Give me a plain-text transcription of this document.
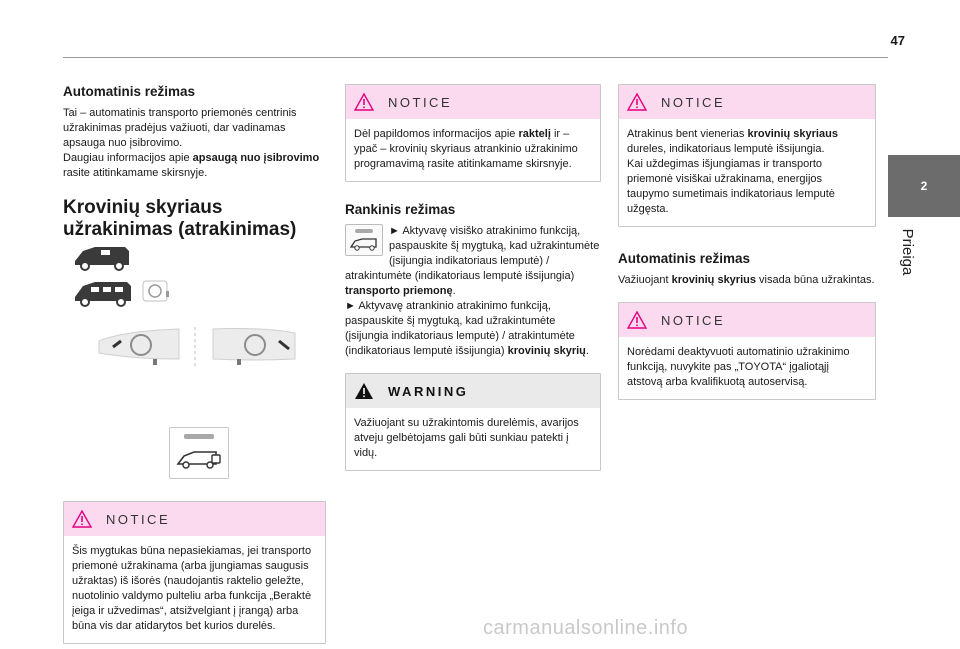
47
2
Prieiga
Automatinis režimas

Tai – automatinis transporto priemonės centrinis užrakinimas pradėjus važiuoti, dar vadinamas apsauga nuo įsibrovimo.

Daugiau informacijos apie apsaugą nuo įsibrovimo rasite atitinkamame skirsnyje.

Krovinių skyriaus užrakinimas (atrakinimas)
NOTICE
Šis mygtukas būna nepasiekiamas, jei transporto priemonė užrakinama (arba įjungiamas saugusis užraktas) iš išorės (naudojantis raktelio geležte, nuotolinio valdymo pulteliu arba funkcija „Beraktė įeiga ir užvedimas“, atsižvelgiant į įrangą) arba būna vis dar atidarytos bet kurios durelės.
NOTICE
Dėl papildomos informacijos apie raktelį ir – ypač – krovinių skyriaus atrankinio užrakinimo programavimą rasite atitinkamame skirsnyje.
Rankinis režimas

► Aktyvavę visiško atrakinimo funkciją, paspauskite šį mygtuką, kad užrakintumėte (įsijungia indikatoriaus lemputė) / atrakintumėte (indikatoriaus lemputė išsijungia) transporto priemonę.

► Aktyvavę atrankinio atrakinimo funkciją, paspauskite šį mygtuką, kad užrakintumėte (įsijungia indikatoriaus lemputė) / atrakintumėte (indikatoriaus lemputė išsijungia) krovinių skyrių.

WARNING
Važiuojant su užrakintomis durelėmis, avarijos atveju gelbėtojams gali būti sunkiau patekti į vidų.
NOTICE
Atrakinus bent vienerias krovinių skyriaus dureles, indikatoriaus lemputė išsijungia.
Kai uždegimas išjungiamas ir transporto priemonė visiškai užrakinama, energijos taupymo sumetimais indikatoriaus lemputė užgęsta.
Automatinis režimas

Važiuojant krovinių skyrius visada būna užrakintas.

NOTICE
Norėdami deaktyvuoti automatinio užrakinimo funkciją, nuvykite pas „TOYOTA“ įgaliotąjį atstovą arba kvalifikuotą autoservisą.
carmanualsonline.info
